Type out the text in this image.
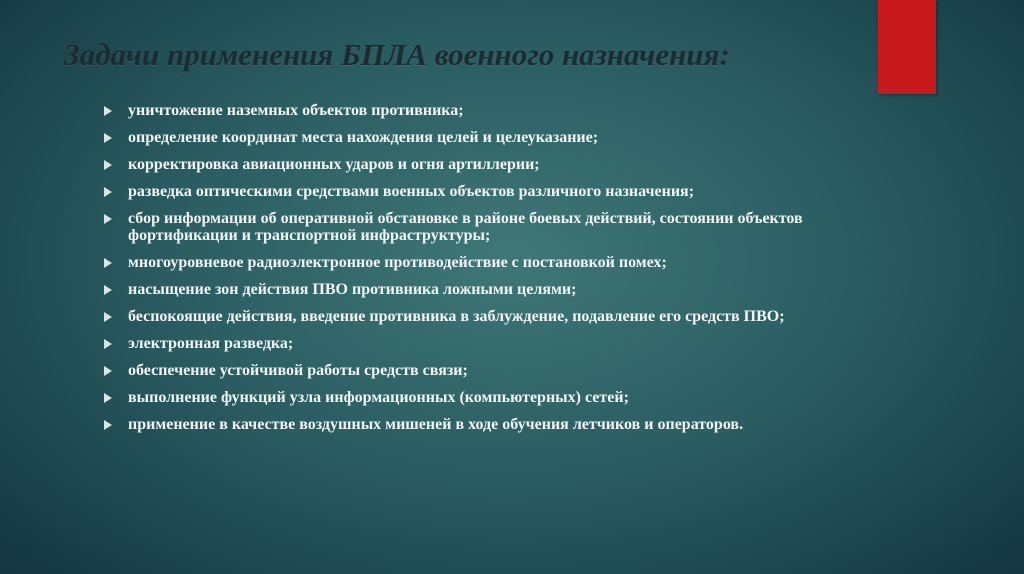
Задачи применения БПЛА военного назначения:
уничтожение наземных объектов противника;
определение координат места нахождения целей и целеуказание;
корректировка авиационных ударов и огня артиллерии;
разведка оптическими средствами военных объектов различного назначения;
сбор информации об оперативной обстановке в районе боевых действий, состоянии объектов фортификации и транспортной инфраструктуры;
многоуровневое радиоэлектронное противодействие с постановкой помех;
насыщение зон действия ПВО противника ложными целями;
беспокоящие действия, введение противника в заблуждение, подавление его средств ПВО;
электронная разведка;
обеспечение устойчивой работы средств связи;
выполнение функций узла информационных (компьютерных) сетей;
применение в качестве воздушных мишеней в ходе обучения летчиков и операторов.
